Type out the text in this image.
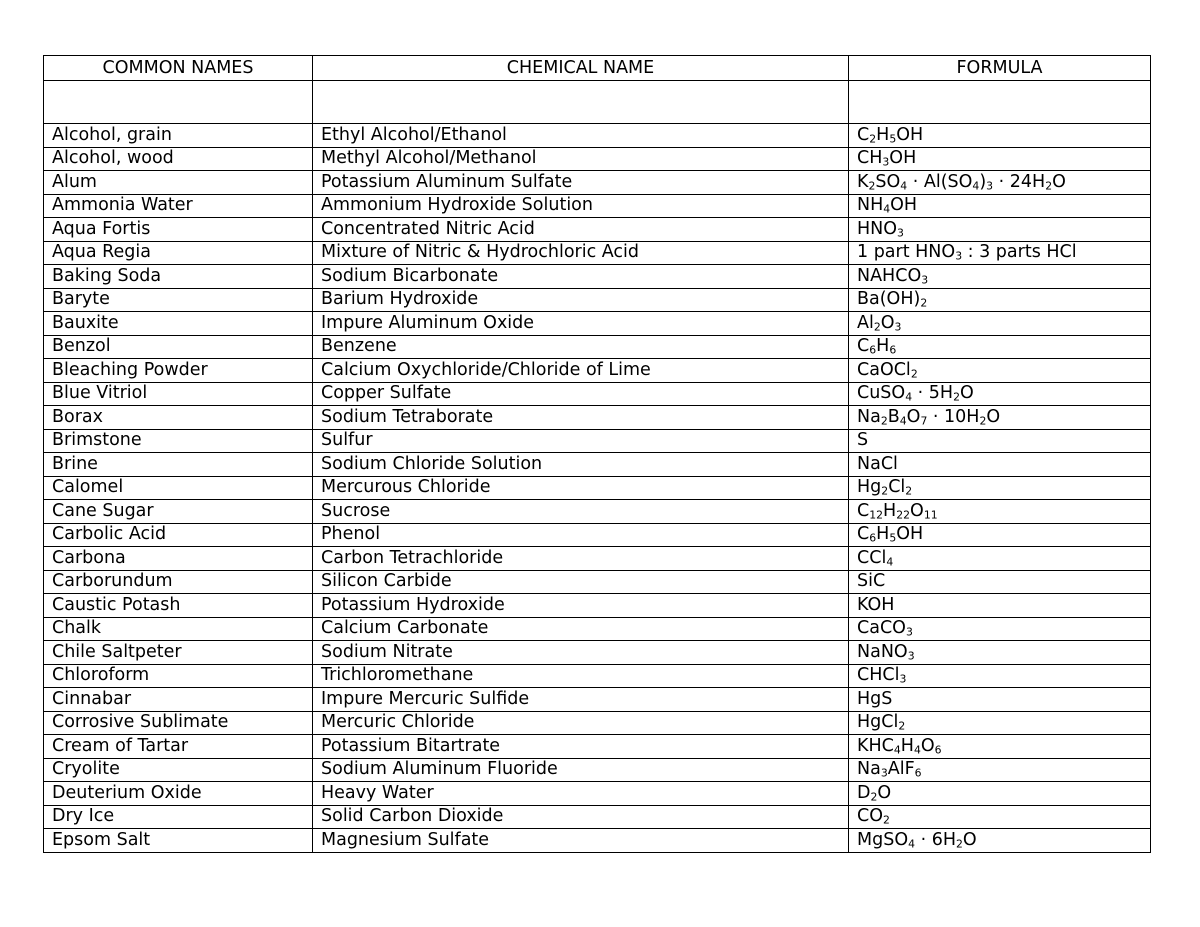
COMMON NAMES	CHEMICAL NAME	FORMULA

Alcohol, grain	Ethyl Alcohol/Ethanol	$C_2H_5OH$
Alcohol, wood	Methyl Alcohol/Methanol	$CH_3OH$
Alum	Potassium Aluminum Sulfate	$K_2SO_4 \cdot Al(SO_4)_3 \cdot 24H_2O$
Ammonia Water	Ammonium Hydroxide Solution	$NH_4OH$
Aqua Fortis	Concentrated Nitric Acid	$HNO_3$
Aqua Regia	Mixture of Nitric & Hydrochloric Acid	1 part $HNO_3$ : 3 parts HCl
Baking Soda	Sodium Bicarbonate	$NAHCO_3$
Baryte	Barium Hydroxide	$Ba(OH)_2$
Bauxite	Impure Aluminum Oxide	$Al_2O_3$
Benzol	Benzene	$C_6H_6$
Bleaching Powder	Calcium Oxychloride/Chloride of Lime	CaOCl$_2$
Blue Vitriol	Copper Sulfate	CuSO$_4$ · $5H_2O$
Borax	Sodium Tetraborate	$Na_2B_4O_7 \cdot 10H_2O$
Brimstone	Sulfur	S
Brine	Sodium Chloride Solution	NaCl
Calomel	Mercurous Chloride	$Hg_2Cl_2$
Cane Sugar	Sucrose	$C_{12}H_{22}O_{11}$
Carbolic Acid	Phenol	$C_6H_5OH$
Carbona	Carbon Tetrachloride	CCl$_4$
Carborundum	Silicon Carbide	SiC
Caustic Potash	Potassium Hydroxide	KOH
Chalk	Calcium Carbonate	CaCO$_3$
Chile Saltpeter	Sodium Nitrate	NaNO$_3$
Chloroform	Trichloromethane	CHCl$_3$
Cinnabar	Impure Mercuric Sulfide	HgS
Corrosive Sublimate	Mercuric Chloride	HgCl$_2$
Cream of Tartar	Potassium Bitartrate	$KHC_4H_4O_6$
Cryolite	Sodium Aluminum Fluoride	$Na_3AlF_6$
Deuterium Oxide	Heavy Water	$D_2O$
Dry Ice	Solid Carbon Dioxide	$CO_2$
Epsom Salt	Magnesium Sulfate	MgSO$_4$ · $6H_2O$
